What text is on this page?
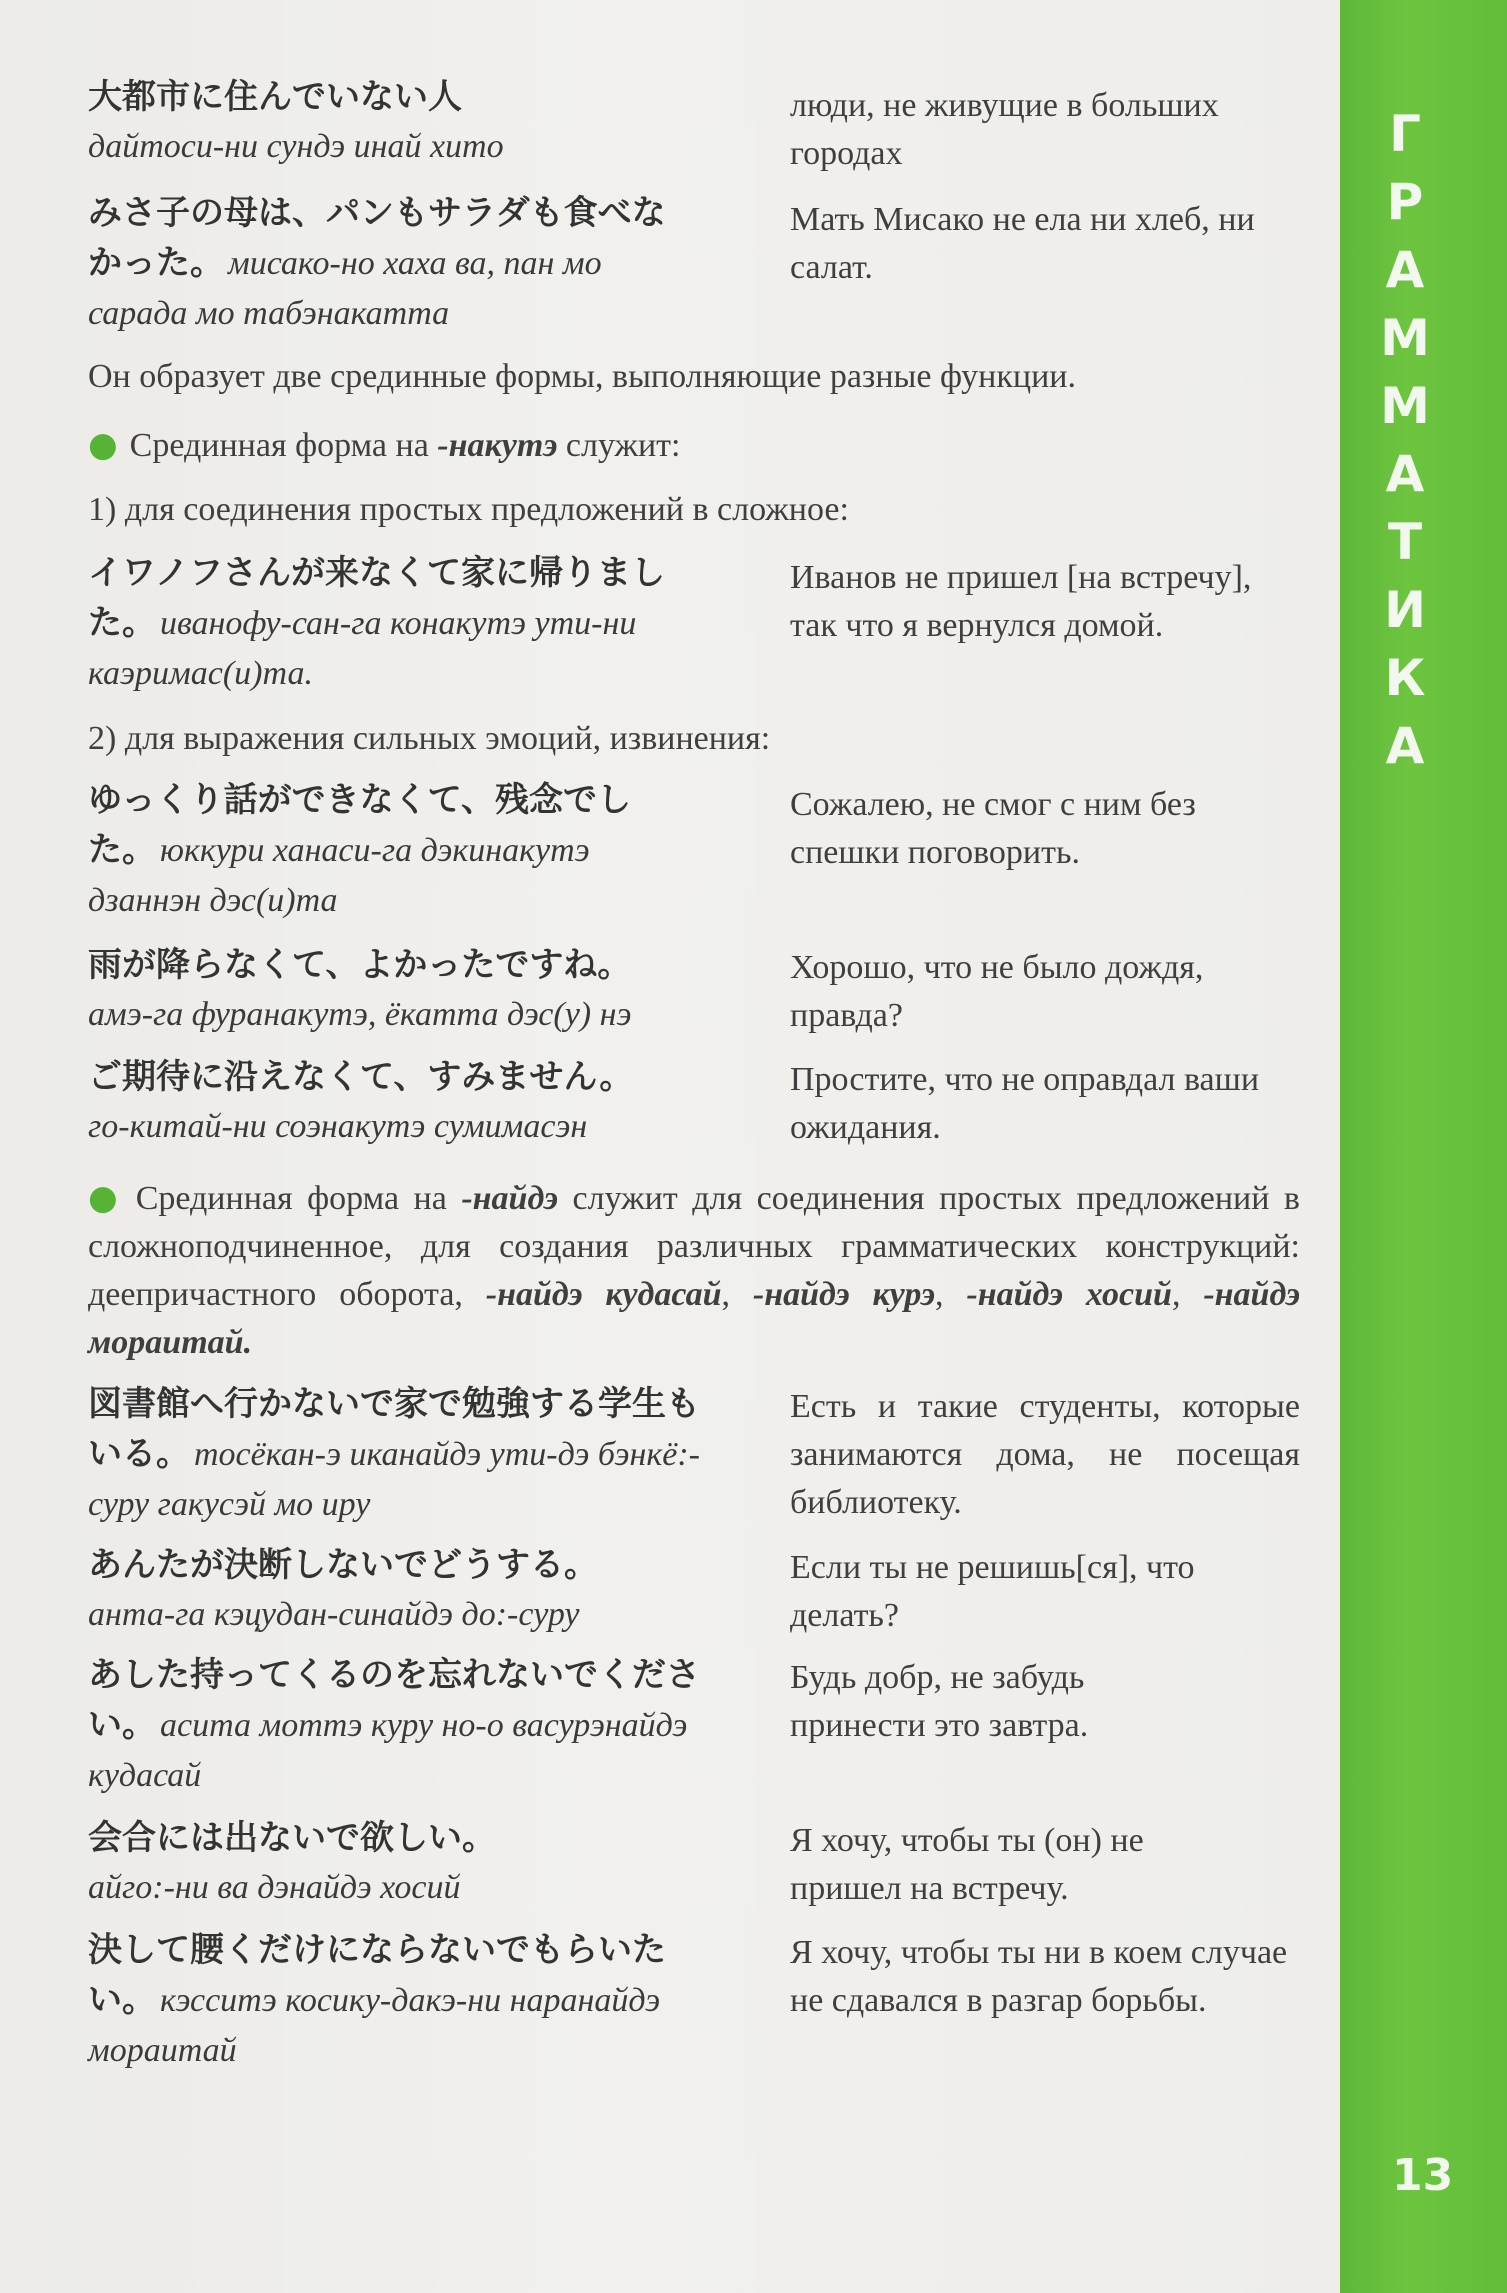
Г
Р
А
М
М
А
Т
И
К
А
13
大都市に住んでいない人
дайтоси-ни сундэ инай хито
люди, не живущие в больших городах
みさ子の母は、パンもサラダも食べなかった。 мисако-но хаха ва, пан мо сарада мо табэнакатта
Мать Мисако не ела ни хлеб, ни салат.
Он образует две срединные формы, выполняющие разные функции.
● Срединная форма на -накутэ служит:
1) для соединения простых предложений в сложное:
イワノフさんが来なくて家に帰りました。 иванофу-сан-га конакутэ ути-ни каэримас(и)та.
Иванов не пришел [на встречу], так что я вернулся домой.
2) для выражения сильных эмоций, извинения:
ゆっくり話ができなくて、残念でした。 юккури ханаси-га дэкинакутэ дзаннэн дэс(и)та
Сожалею, не смог с ним без спешки поговорить.
雨が降らなくて、よかったですね。
амэ-га фуранакутэ, ёкатта дэс(у) нэ
Хорошо, что не было дождя, правда?
ご期待に沿えなくて、すみません。
го-китай-ни соэнакутэ сумимасэн
Простите, что не оправдал ваши ожидания.
● Срединная форма на -найдэ служит для соединения простых предложений в сложноподчиненное, для создания различных грамматических конструкций: деепричастного оборота, -найдэ кудасай, -найдэ курэ, -найдэ хосий, -найдэ мораитай.
図書館へ行かないで家で勉強する学生もいる。 тосёкан-э иканайдэ ути-дэ бэнкё:-суру гакусэй мо иру
Есть и такие студенты, которые занимаются дома, не посещая библиотеку.
あんたが決断しないでどうする。
анта-га кэцудан-синайдэ до:-суру
Если ты не решишь[ся], что делать?
あした持ってくるのを忘れないでください。 асита моттэ куру но-о васурэнайдэ кудасай
Будь добр, не забудь принести это завтра.
会合には出ないで欲しい。
айго:-ни ва дэнайдэ хосий
Я хочу, чтобы ты (он) не пришел на встречу.
決して腰くだけにならないでもらいたい。 кэсситэ косику-дакэ-ни наранайдэ мораитай
Я хочу, чтобы ты ни в коем случае не сдавался в разгар борьбы.
